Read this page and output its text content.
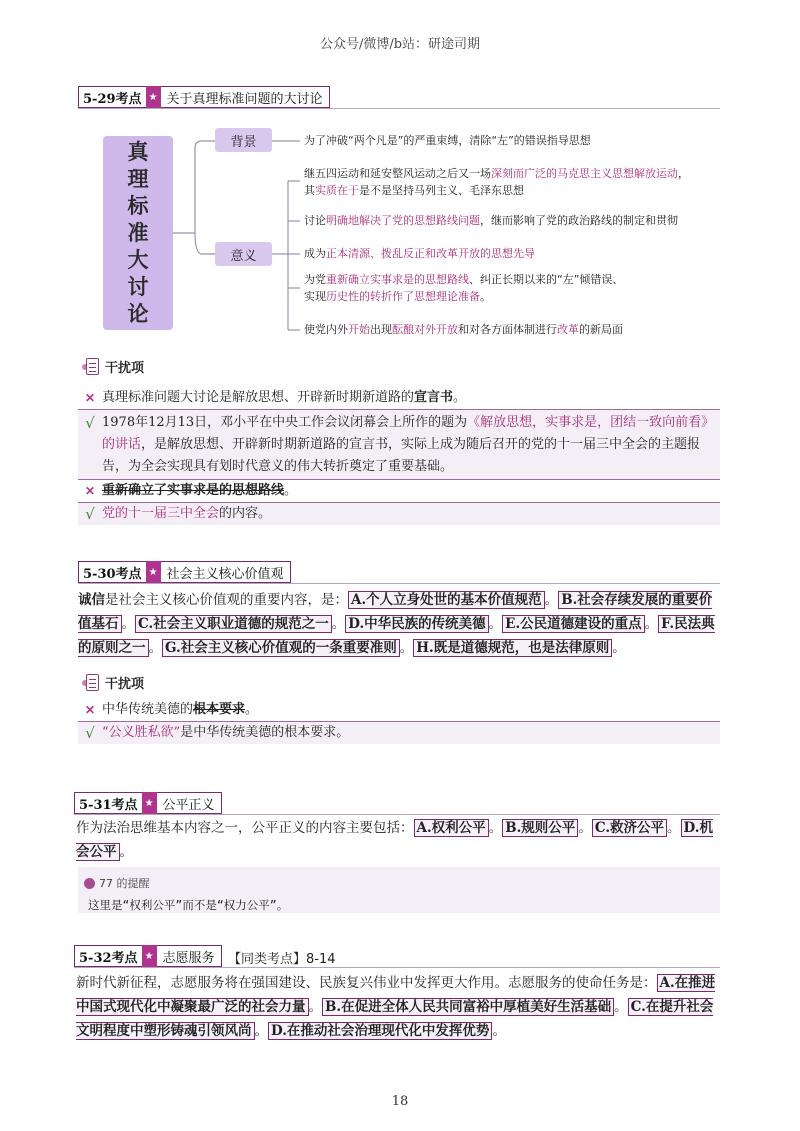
公众号/微博/b站：研途司期
5-29考点 ★ 关于真理标准问题的大讨论
真
理
标
准
大
讨
论
背景
意义
为了冲破“两个凡是”的严重束缚，清除“左”的错误指导思想
继五四运动和延安整风运动之后又一场深刻而广泛的马克思主义思想解放运动，
其实质在于是不是坚持马列主义、毛泽东思想
讨论明确地解决了党的思想路线问题，继而影响了党的政治路线的制定和贯彻
成为正本清源、拨乱反正和改革开放的思想先导
为党重新确立实事求是的思想路线、纠正长期以来的“左”倾错误、
实现历史性的转折作了思想理论准备。
使党内外开始出现酝酿对外开放和对各方面体制进行改革的新局面
干扰项
✕ 真理标准问题大讨论是解放思想、开辟新时期新道路的宣言书。
√ 1978年12月13日，邓小平在中央工作会议闭幕会上所作的题为《解放思想，实事求是，团结一致向前看》的讲话，是解放思想、开辟新时期新道路的宣言书，实际上成为随后召开的党的十一届三中全会的主题报告，为全会实现具有划时代意义的伟大转折奠定了重要基础。
✕ 重新确立了实事求是的思想路线。
√ 党的十一届三中全会的内容。
5-30考点 ★ 社会主义核心价值观
诚信是社会主义核心价值观的重要内容，是： A.个人立身处世的基本价值规范 。 B.社会存续发展的重要价值基石 。 C.社会主义职业道德的规范之一 。 D.中华民族的传统美德 。 E.公民道德建设的重点 。 F.民法典的原则之一 。 G.社会主义核心价值观的一条重要准则 。 H.既是道德规范，也是法律原则 。
干扰项
✕ 中华传统美德的根本要求。
√ “公义胜私欲”是中华传统美德的根本要求。
5-31考点 ★ 公平正义
作为法治思维基本内容之一，公平正义的内容主要包括： A.权利公平 。 B.规则公平 。 C.救济公平 。 D.机会公平 。
77 的提醒
这里是“权利公平”而不是“权力公平”。
5-32考点 ★ 志愿服务	【同类考点】8-14
新时代新征程，志愿服务将在强国建设、民族复兴伟业中发挥更大作用。志愿服务的使命任务是： A.在推进中国式现代化中凝聚最广泛的社会力量 。 B.在促进全体人民共同富裕中厚植美好生活基础 。 C.在提升社会文明程度中塑形铸魂引领风尚 。 D.在推动社会治理现代化中发挥优势 。
18
